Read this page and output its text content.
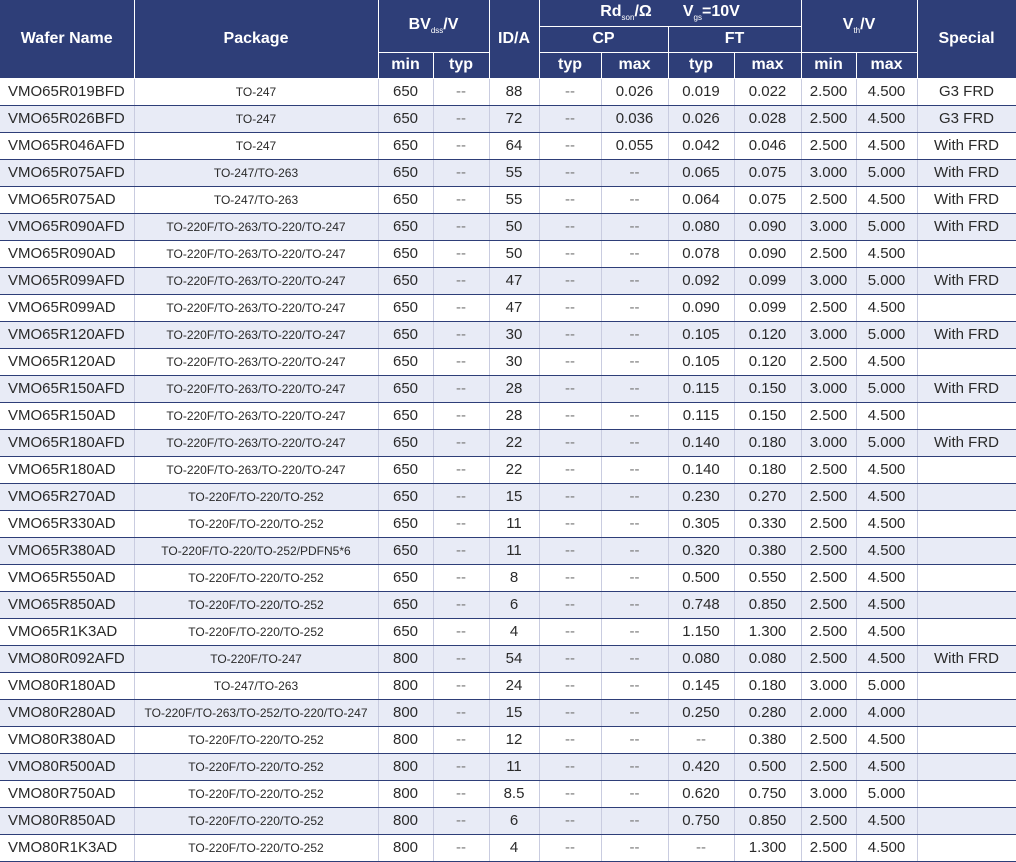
Wafer Name	Package	$BV_{dss}/V$		ID/A	$Rd_{son}/\Omega$ $V_{gs}=10V$				$V_{th}/V$		Special
					CP		FT				
		min	typ		typ	max	typ	max	min	max	
VMO65R019BFD	TO-247	650	--	88	--	0.026	0.019	0.022	2.500	4.500	G3 FRD
VMO65R026BFD	TO-247	650	--	72	--	0.036	0.026	0.028	2.500	4.500	G3 FRD
VMO65R046AFD	TO-247	650	--	64	--	0.055	0.042	0.046	2.500	4.500	With FRD
VMO65R075AFD	TO-247/TO-263	650	--	55	--	--	0.065	0.075	3.000	5.000	With FRD
VMO65R075AD	TO-247/TO-263	650	--	55	--	--	0.064	0.075	2.500	4.500	With FRD
VMO65R090AFD	TO-220F/TO-263/TO-220/TO-247	650	--	50	--	--	0.080	0.090	3.000	5.000	With FRD
VMO65R090AD	TO-220F/TO-263/TO-220/TO-247	650	--	50	--	--	0.078	0.090	2.500	4.500	
VMO65R099AFD	TO-220F/TO-263/TO-220/TO-247	650	--	47	--	--	0.092	0.099	3.000	5.000	With FRD
VMO65R099AD	TO-220F/TO-263/TO-220/TO-247	650	--	47	--	--	0.090	0.099	2.500	4.500	
VMO65R120AFD	TO-220F/TO-263/TO-220/TO-247	650	--	30	--	--	0.105	0.120	3.000	5.000	With FRD
VMO65R120AD	TO-220F/TO-263/TO-220/TO-247	650	--	30	--	--	0.105	0.120	2.500	4.500	
VMO65R150AFD	TO-220F/TO-263/TO-220/TO-247	650	--	28	--	--	0.115	0.150	3.000	5.000	With FRD
VMO65R150AD	TO-220F/TO-263/TO-220/TO-247	650	--	28	--	--	0.115	0.150	2.500	4.500	
VMO65R180AFD	TO-220F/TO-263/TO-220/TO-247	650	--	22	--	--	0.140	0.180	3.000	5.000	With FRD
VMO65R180AD	TO-220F/TO-263/TO-220/TO-247	650	--	22	--	--	0.140	0.180	2.500	4.500	
VMO65R270AD	TO-220F/TO-220/TO-252	650	--	15	--	--	0.230	0.270	2.500	4.500	
VMO65R330AD	TO-220F/TO-220/TO-252	650	--	11	--	--	0.305	0.330	2.500	4.500	
VMO65R380AD	TO-220F/TO-220/TO-252/PDFN5*6	650	--	11	--	--	0.320	0.380	2.500	4.500	
VMO65R550AD	TO-220F/TO-220/TO-252	650	--	8	--	--	0.500	0.550	2.500	4.500	
VMO65R850AD	TO-220F/TO-220/TO-252	650	--	6	--	--	0.748	0.850	2.500	4.500	
VMO65R1K3AD	TO-220F/TO-220/TO-252	650	--	4	--	--	1.150	1.300	2.500	4.500	
VMO80R092AFD	TO-220F/TO-247	800	--	54	--	--	0.080	0.080	2.500	4.500	With FRD
VMO80R180AD	TO-247/TO-263	800	--	24	--	--	0.145	0.180	3.000	5.000	
VMO80R280AD	TO-220F/TO-263/TO-252/TO-220/TO-247	800	--	15	--	--	0.250	0.280	2.000	4.000	
VMO80R380AD	TO-220F/TO-220/TO-252	800	--	12	--	--	--	0.380	2.500	4.500	
VMO80R500AD	TO-220F/TO-220/TO-252	800	--	11	--	--	0.420	0.500	2.500	4.500	
VMO80R750AD	TO-220F/TO-220/TO-252	800	--	8.5	--	--	0.620	0.750	3.000	5.000	
VMO80R850AD	TO-220F/TO-220/TO-252	800	--	6	--	--	0.750	0.850	2.500	4.500	
VMO80R1K3AD	TO-220F/TO-220/TO-252	800	--	4	--	--	--	1.300	2.500	4.500	
